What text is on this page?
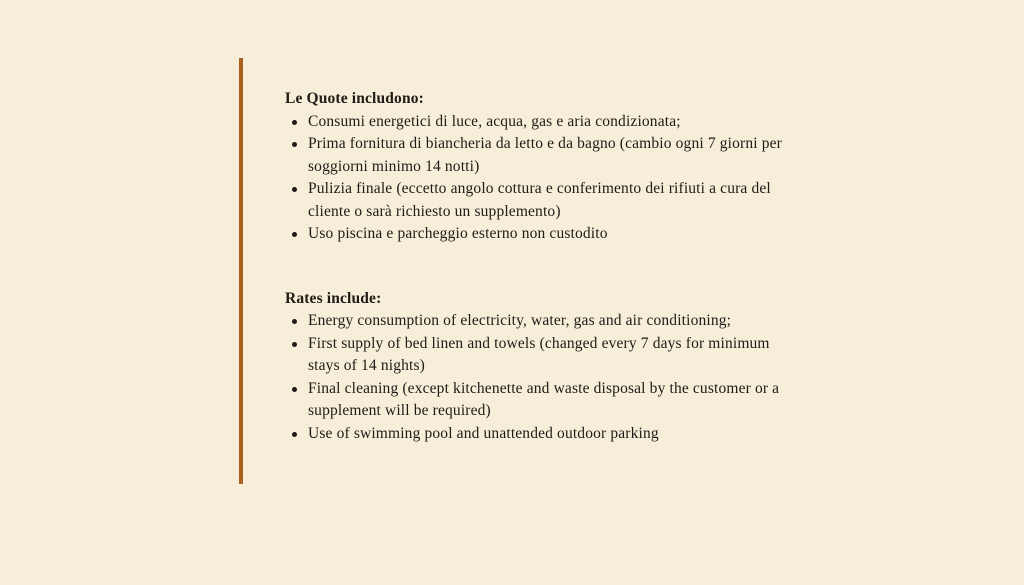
Le Quote includono:

Consumi energetici di luce, acqua, gas e aria condizionata;
Prima fornitura di biancheria da letto e da bagno (cambio ogni 7 giorni per soggiorni minimo 14 notti)
Pulizia finale (eccetto angolo cottura e conferimento dei rifiuti a cura del cliente o sarà richiesto un supplemento)
Uso piscina e parcheggio esterno non custodito

Rates include:

Energy consumption of electricity, water, gas and air conditioning;
First supply of bed linen and towels (changed every 7 days for minimum stays of 14 nights)
Final cleaning (except kitchenette and waste disposal by the customer or a supplement will be required)
Use of swimming pool and unattended outdoor parking
